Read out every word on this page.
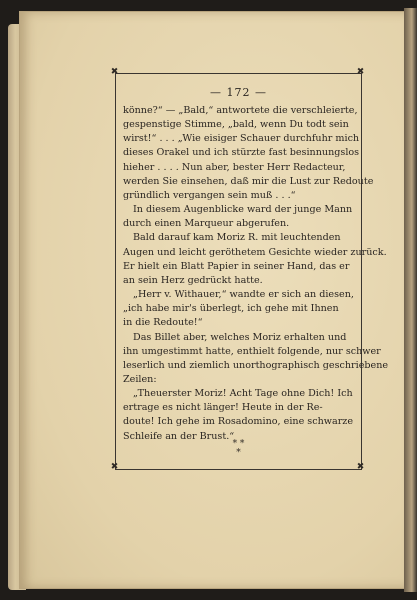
✖	✖
✖	✖
— 172 —
könne?“ — „Bald,“ antwortete die verschleierte,
gespenstige Stimme, „bald, wenn Du todt sein
wirst!“ . . . „Wie eisiger Schauer durchfuhr mich
dieses Orakel und ich stürzte fast besinnungslos
hieher . . . . Nun aber, bester Herr Redacteur,
werden Sie einsehen, daß mir die Lust zur Redoute
gründlich vergangen sein muß . . .“
In diesem Augenblicke ward der junge Mann
durch einen Marqueur abgerufen.
Bald darauf kam Moriz R. mit leuchtenden
Augen und leicht geröthetem Gesichte wieder zurück.
Er hielt ein Blatt Papier in seiner Hand, das er
an sein Herz gedrückt hatte.
„Herr v. Withauer,“ wandte er sich an diesen,
„ich habe mir's überlegt, ich gehe mit Ihnen
in die Redoute!“
Das Billet aber, welches Moriz erhalten und
ihn umgestimmt hatte, enthielt folgende, nur schwer
leserlich und ziemlich unorthographisch geschriebene
Zeilen:
„Theuerster Moriz! Acht Tage ohne Dich! Ich
ertrage es nicht länger! Heute in der Re-
doute! Ich gehe im Rosadomino, eine schwarze
Schleife an der Brust.“
* *
*
